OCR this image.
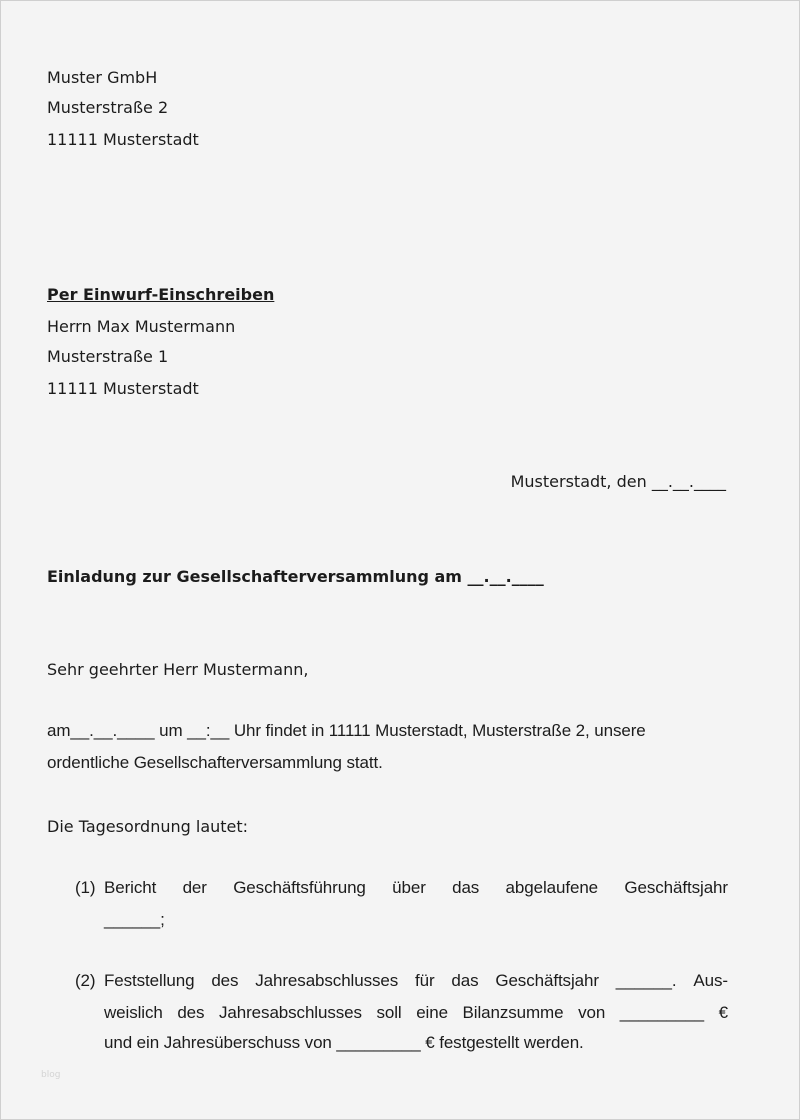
Muster GmbH
Musterstraße 2
11111 Musterstadt
Per Einwurf-Einschreiben
Herrn Max Mustermann
Musterstraße 1
11111 Musterstadt
Musterstadt, den __.__.____
Einladung zur Gesellschafterversammlung am __.__.____
Sehr geehrter Herr Mustermann,
am__.__.____ um __:__ Uhr findet in 11111 Musterstadt, Musterstraße 2, unsere
ordentliche Gesellschafterversammlung statt.
Die Tagesordnung lautet:
(1) Bericht der Geschäftsführung über das abgelaufene Geschäftsjahr
______;
(2) Feststellung des Jahresabschlusses für das Geschäftsjahr ______. Aus-
weislich des Jahresabschlusses soll eine Bilanzsumme von _________ €
und ein Jahresüberschuss von _________ € festgestellt werden.
blog
